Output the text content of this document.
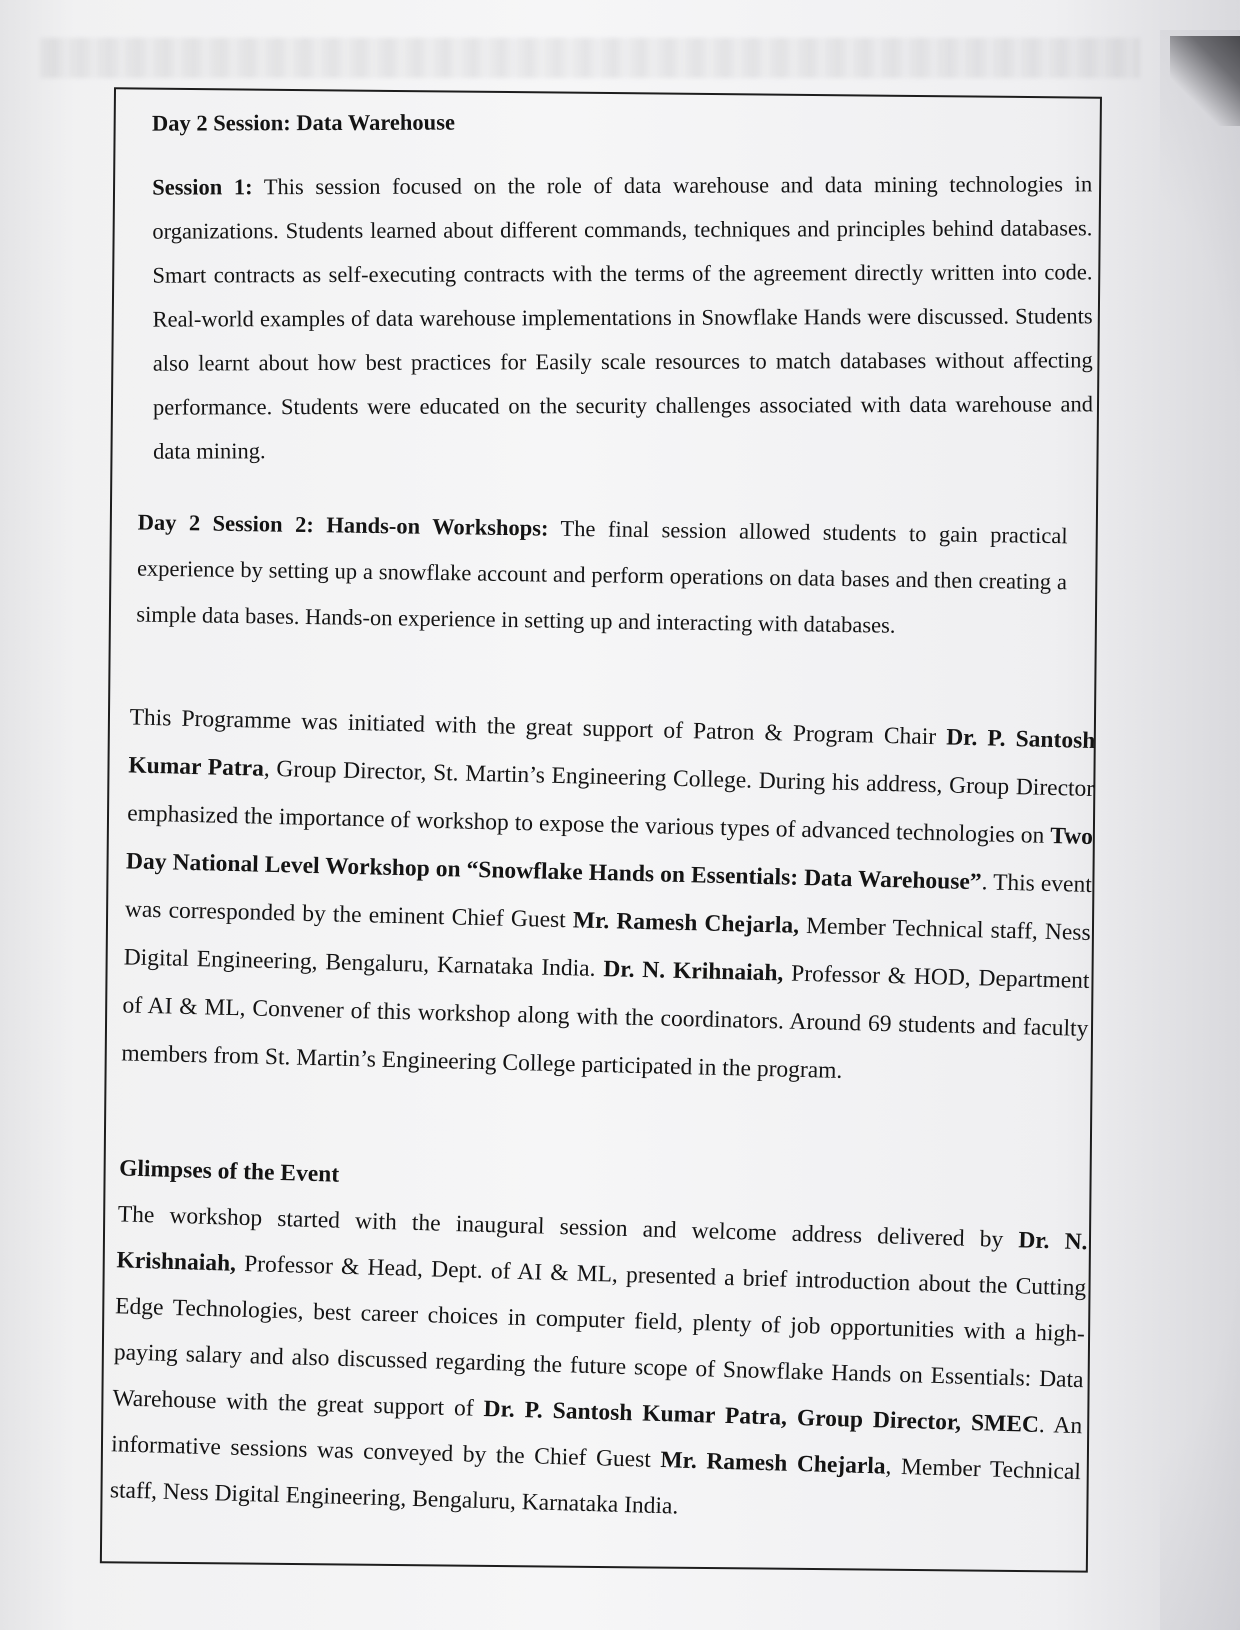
Day 2 Session: Data Warehouse

Session 1: This session focused on the role of data warehouse and data mining technologies in organizations. Students learned about different commands, techniques and principles behind databases. Smart contracts as self-executing contracts with the terms of the agreement directly written into code. Real-world examples of data warehouse implementations in Snowflake Hands were discussed. Students also learnt about how best practices for Easily scale resources to match databases without affecting performance. Students were educated on the security challenges associated with data warehouse and data mining.

Day 2 Session 2: Hands-on Workshops: The final session allowed students to gain practical experience by setting up a snowflake account and perform operations on data bases and then creating a simple data bases. Hands-on experience in setting up and interacting with databases.

This Programme was initiated with the great support of Patron & Program Chair Dr. P. Santosh Kumar Patra, Group Director, St. Martin’s Engineering College. During his address, Group Director emphasized the importance of workshop to expose the various types of advanced technologies on Two Day National Level Workshop on “Snowflake Hands on Essentials: Data Warehouse”. This event was corresponded by the eminent Chief Guest Mr. Ramesh Chejarla, Member Technical staff, Ness Digital Engineering, Bengaluru, Karnataka India. Dr. N. Krihnaiah, Professor & HOD, Department of AI & ML, Convener of this workshop along with the coordinators. Around 69 students and faculty members from St. Martin’s Engineering College participated in the program.

Glimpses of the Event

The workshop started with the inaugural session and welcome address delivered by Dr. N. Krishnaiah, Professor & Head, Dept. of AI & ML, presented a brief introduction about the Cutting Edge Technologies, best career choices in computer field, plenty of job opportunities with a high-paying salary and also discussed regarding the future scope of Snowflake Hands on Essentials: Data Warehouse with the great support of Dr. P. Santosh Kumar Patra, Group Director, SMEC. An informative sessions was conveyed by the Chief Guest Mr. Ramesh Chejarla, Member Technical staff, Ness Digital Engineering, Bengaluru, Karnataka India.
